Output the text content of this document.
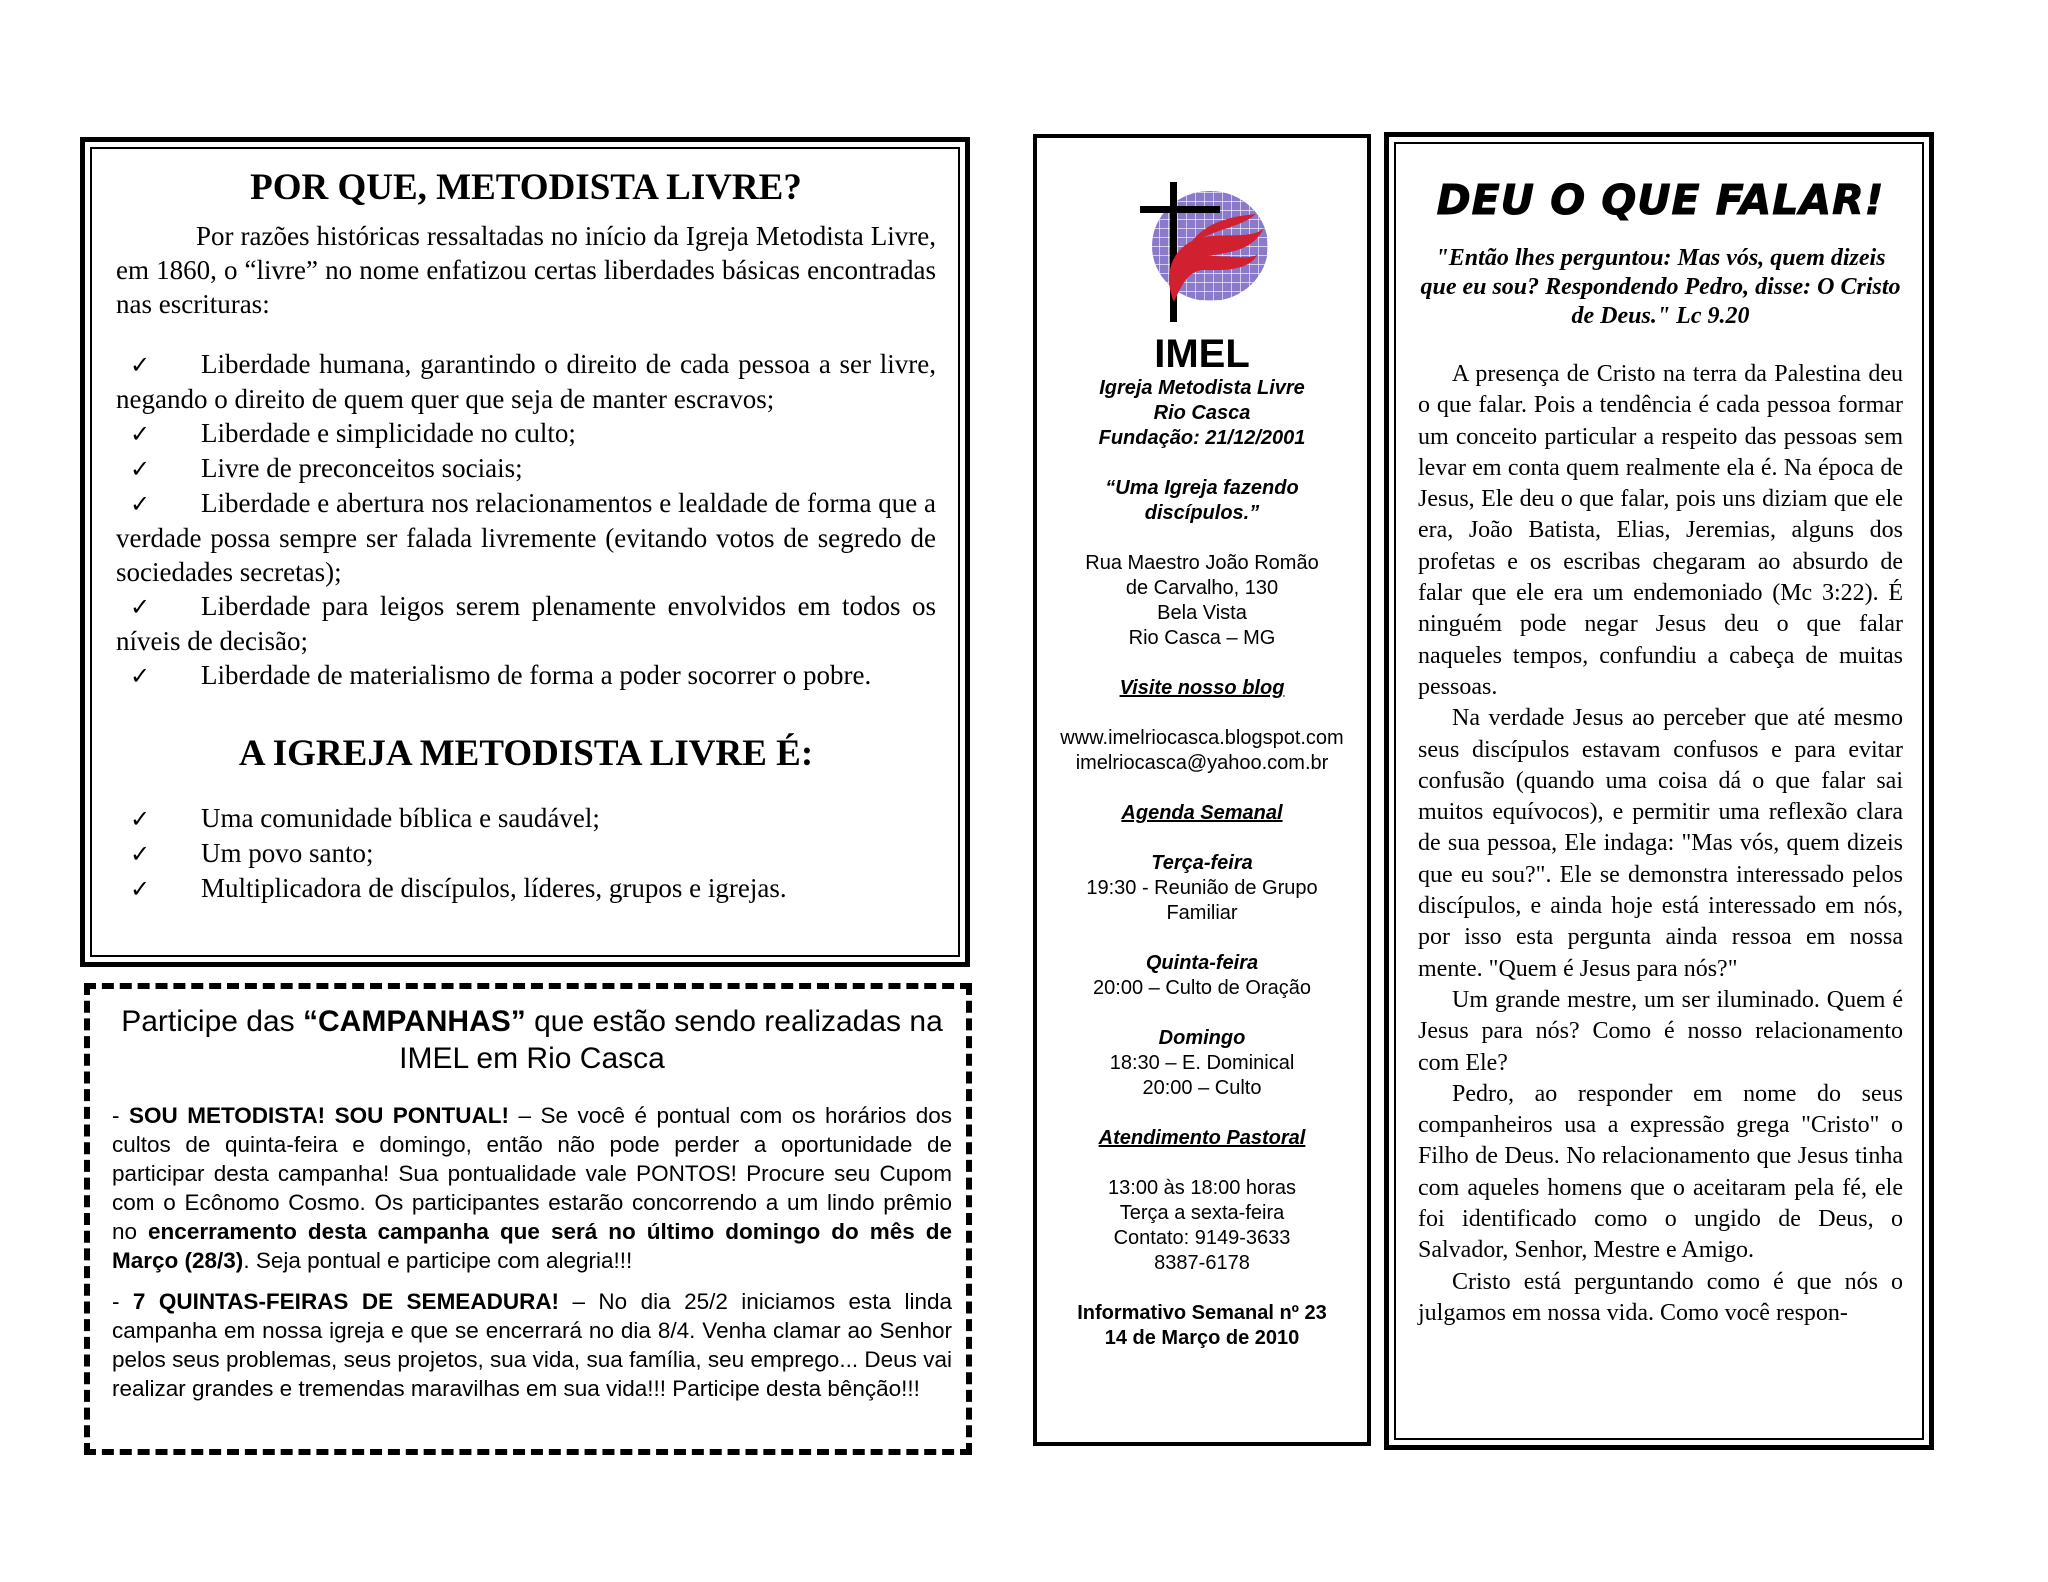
POR QUE, METODISTA LIVRE?

Por razões históricas ressaltadas no início da Igreja Metodista Livre, em 1860, o “livre” no nome enfatizou certas liberdades básicas encontradas nas escrituras:

✓ Liberdade humana, garantindo o direito de cada pessoa a ser livre, negando o direito de quem quer que seja de manter escravos;
✓ Liberdade e simplicidade no culto;
✓ Livre de preconceitos sociais;
✓ Liberdade e abertura nos relacionamentos e lealdade de forma que a verdade possa sempre ser falada livremente (evitando votos de segredo de sociedades secretas);
✓ Liberdade para leigos serem plenamente envolvidos em todos os níveis de decisão;
✓ Liberdade de materialismo de forma a poder socorrer o pobre.
A IGREJA METODISTA LIVRE É:
✓ Uma comunidade bíblica e saudável;
✓ Um povo santo;
✓ Multiplicadora de discípulos, líderes, grupos e igrejas.

Participe das “CAMPANHAS” que estão sendo realizadas na IMEL em Rio Casca

- SOU METODISTA! SOU PONTUAL! – Se você é pontual com os horários dos cultos de quinta-feira e domingo, então não pode perder a oportunidade de participar desta campanha! Sua pontualidade vale PONTOS! Procure seu Cupom com o Ecônomo Cosmo. Os participantes estarão concorrendo a um lindo prêmio no encerramento desta campanha que será no último domingo do mês de Março (28/3). Seja pontual e participe com alegria!!!

- 7 QUINTAS-FEIRAS DE SEMEADURA! – No dia 25/2 iniciamos esta linda campanha em nossa igreja e que se encerrará no dia 8/4. Venha clamar ao Senhor pelos seus problemas, seus projetos, sua vida, sua família, seu emprego... Deus vai realizar grandes e tremendas maravilhas em sua vida!!! Participe desta bênção!!!

IMEL
Igreja Metodista Livre
Rio Casca
Fundação: 21/12/2001
“Uma Igreja fazendo
discípulos.”
Rua Maestro João Romão
de Carvalho, 130
Bela Vista
Rio Casca – MG
Visite nosso blog
www.imelriocasca.blogspot.com
imelriocasca@yahoo.com.br
Agenda Semanal
Terça-feira
19:30 - Reunião de Grupo
Familiar
Quinta-feira
20:00 – Culto de Oração
Domingo
18:30 – E. Dominical
20:00 – Culto
Atendimento Pastoral
13:00 às 18:00 horas
Terça a sexta-feira
Contato: 9149-3633
8387-6178
Informativo Semanal nº 23
14 de Março de 2010
DEU O QUE FALAR!

"Então lhes perguntou: Mas vós, quem dizeis que eu sou? Respondendo Pedro, disse: O Cristo de Deus." Lc 9.20

A presença de Cristo na terra da Palestina deu o que falar. Pois a tendência é cada pessoa formar um conceito particular a respeito das pessoas sem levar em conta quem realmente ela é. Na época de Jesus, Ele deu o que falar, pois uns diziam que ele era, João Batista, Elias, Jeremias, alguns dos profetas e os escribas chegaram ao absurdo de falar que ele era um endemoniado (Mc 3:22). É ninguém pode negar Jesus deu o que falar naqueles tempos, confundiu a cabeça de muitas pessoas.

Na verdade Jesus ao perceber que até mesmo seus discípulos estavam confusos e para evitar confusão (quando uma coisa dá o que falar sai muitos equívocos), e permitir uma reflexão clara de sua pessoa, Ele indaga: "Mas vós, quem dizeis que eu sou?". Ele se demonstra interessado pelos discípulos, e ainda hoje está interessado em nós, por isso esta pergunta ainda ressoa em nossa mente. "Quem é Jesus para nós?"

Um grande mestre, um ser iluminado. Quem é Jesus para nós? Como é nosso relacionamento com Ele?

Pedro, ao responder em nome do seus companheiros usa a expressão grega "Cristo" o Filho de Deus. No relacionamento que Jesus tinha com aqueles homens que o aceitaram pela fé, ele foi identificado como o ungido de Deus, o Salvador, Senhor, Mestre e Amigo.

Cristo está perguntando como é que nós o julgamos em nossa vida. Como você respon-
